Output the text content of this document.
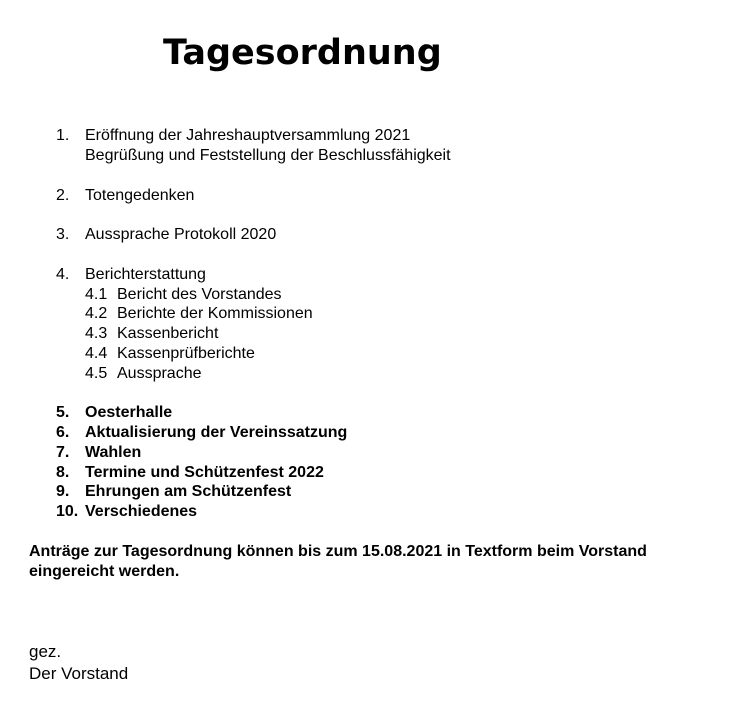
Tagesordnung
1. Eröffnung der Jahreshauptversammlung 2021
Begrüßung und Feststellung der Beschlussfähigkeit
2. Totengedenken
3. Aussprache Protokoll 2020
4. Berichterstattung
4.1 Bericht des Vorstandes
4.2 Berichte der Kommissionen
4.3 Kassenbericht
4.4 Kassenprüfberichte
4.5 Aussprache
5. Oesterhalle
6. Aktualisierung der Vereinssatzung
7. Wahlen
8. Termine und Schützenfest 2022
9. Ehrungen am Schützenfest
10. Verschiedenes

Anträge zur Tagesordnung können bis zum 15.08.2021 in Textform beim Vorstand eingereicht werden.

gez.
Der Vorstand
